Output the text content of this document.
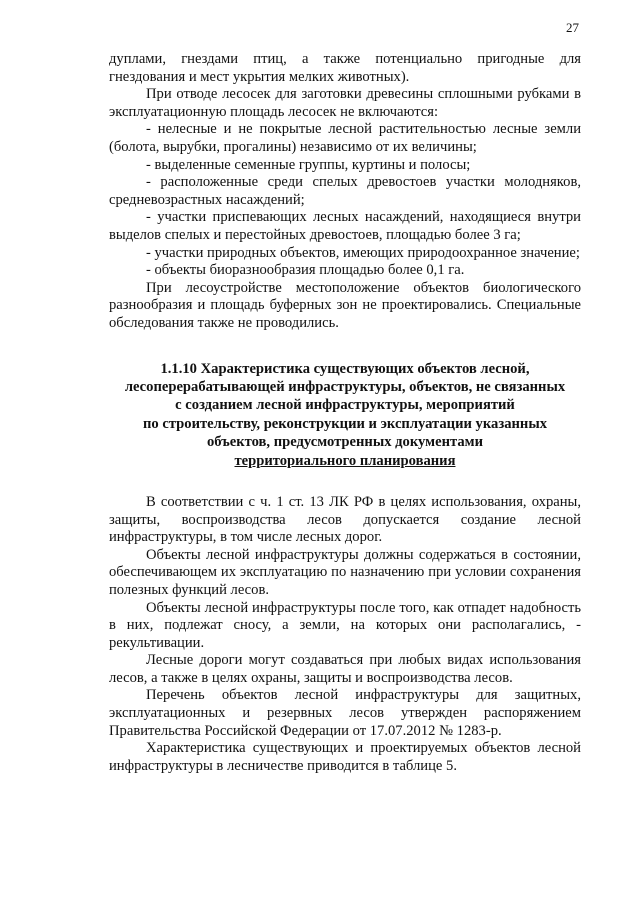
27

дуплами, гнездами птиц, а также потенциально пригодные для

гнездования и мест укрытия мелких животных).

При отводе лесосек для заготовки древесины сплошными рубками в эксплуатационную площадь лесосек не включаются:

- нелесные и не покрытые лесной растительностью лесные земли (болота, вырубки, прогалины) независимо от их величины;

- выделенные семенные группы, куртины и полосы;

- расположенные среди спелых древостоев участки молодняков, средневозрастных насаждений;

- участки приспевающих лесных насаждений, находящиеся внутри выделов спелых и перестойных древостоев, площадью более 3 га;

- участки природных объектов, имеющих природоохранное значение;

- объекты биоразнообразия площадью более 0,1 га.

При лесоустройстве местоположение объектов биологического разнообразия и площадь буферных зон не проектировались. Специальные обследования также не проводились.

1.1.10 Характеристика существующих объектов лесной,
лесоперерабатывающей инфраструктуры, объектов, не связанных
с созданием лесной инфраструктуры, мероприятий
по строительству, реконструкции и эксплуатации указанных
объектов, предусмотренных документами
территориального планирования

В соответствии с ч. 1 ст. 13 ЛК РФ в целях использования, охраны, защиты, воспроизводства лесов допускается создание лесной инфраструктуры, в том числе лесных дорог.

Объекты лесной инфраструктуры должны содержаться в состоянии, обеспечивающем их эксплуатацию по назначению при условии сохранения полезных функций лесов.

Объекты лесной инфраструктуры после того, как отпадет надобность в них, подлежат сносу, а земли, на которых они располагались, - рекультивации.

Лесные дороги могут создаваться при любых видах использования лесов, а также в целях охраны, защиты и воспроизводства лесов.

Перечень объектов лесной инфраструктуры для защитных, эксплуатационных и резервных лесов утвержден распоряжением Правительства Российской Федерации от 17.07.2012 № 1283-р.

Характеристика существующих и проектируемых объектов лесной инфраструктуры в лесничестве приводится в таблице 5.
